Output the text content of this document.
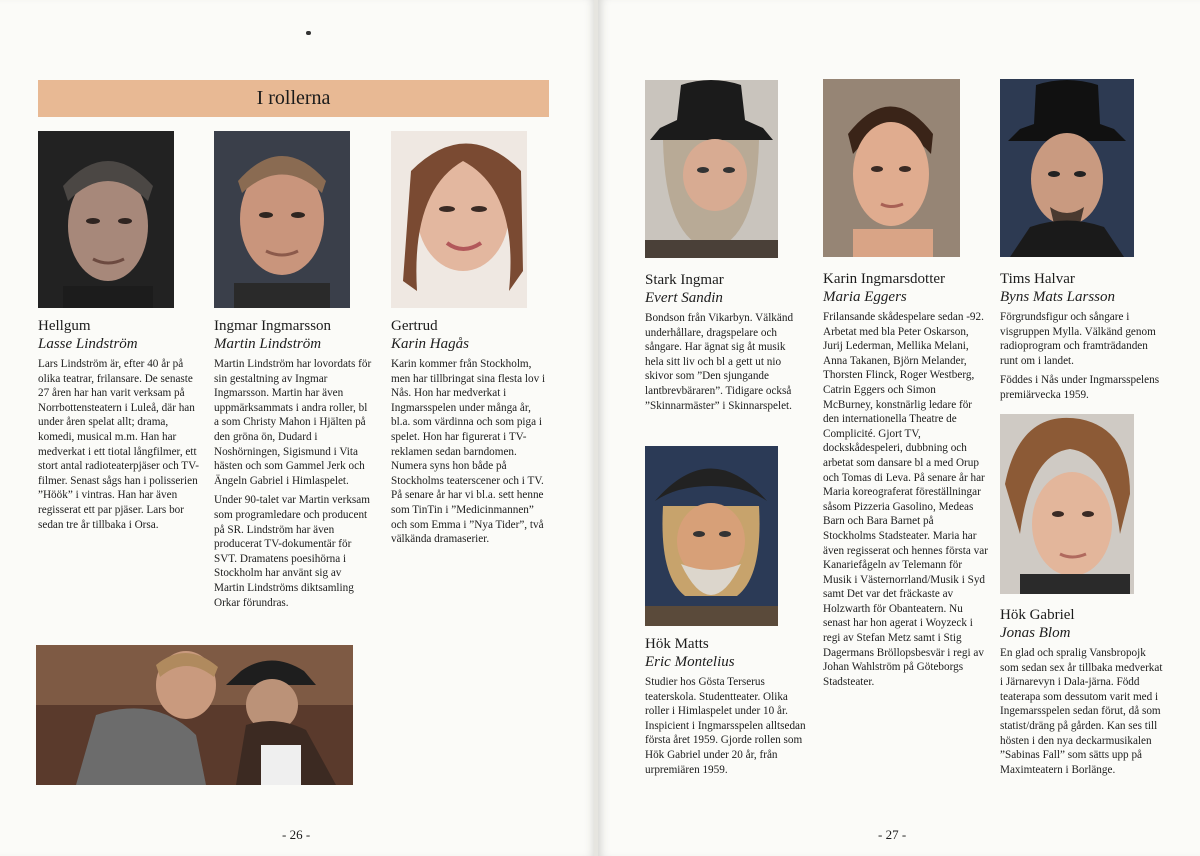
I rollerna
Hellgum
Lasse Lindström

Lars Lindström är, efter 40 år på olika teatrar, frilansare. De senaste 27 åren har han varit verksam på Norrbottensteatern i Luleå, där han under åren spelat allt; drama, komedi, musical m.m. Han har medverkat i ett tiotal långfilmer, ett stort antal radioteaterpjäser och TV-filmer. Senast sågs han i polisserien ”Höök” i vintras. Han har även regisserat ett par pjäser. Lars bor sedan tre år tillbaka i Orsa.

Ingmar Ingmarsson
Martin Lindström

Martin Lindström har lovordats för sin gestaltning av Ingmar Ingmarsson. Martin har även uppmärksammats i andra roller, bl a som Christy Mahon i Hjälten på den gröna ön, Dudard i Noshörningen, Sigismund i Vita hästen och som Gammel Jerk och Ängeln Gabriel i Himlaspelet.

Under 90-talet var Martin verksam som programledare och producent på SR. Lindström har även producerat TV-dokumentär för SVT. Dramatens poesihörna i Stockholm har använt sig av Martin Lindströms diktsamling Orkar förundras.

Gertrud
Karin Hagås

Karin kommer från Stockholm, men har tillbringat sina flesta lov i Nås. Hon har medverkat i Ingmarsspelen under många år, bl.a. som värdinna och som piga i spelet. Hon har figurerat i TV-reklamen sedan barndomen. Numera syns hon både på Stockholms teaterscener och i TV. På senare år har vi bl.a. sett henne som TinTin i ”Medicinmannen” och som Emma i ”Nya Tider”, två välkända dramaserier.

- 26 -
Stark Ingmar
Evert Sandin

Bondson från Vikarbyn. Välkänd underhållare, dragspelare och sångare. Har ägnat sig åt musik hela sitt liv och bl a gett ut nio skivor som ”Den sjungande lantbrevbäraren”. Tidigare också ”Skinnarmäster” i Skinnarspelet.

Karin Ingmarsdotter
Maria Eggers

Frilansande skådespelare sedan -92. Arbetat med bla Peter Oskarson, Jurij Lederman, Mellika Melani, Anna Takanen, Björn Melander, Thorsten Flinck, Roger Westberg, Catrin Eggers och Simon McBurney, konstnärlig ledare för den internationella Theatre de Complicité. Gjort TV, dockskådespeleri, dubbning och arbetat som dansare bl a med Orup och Tomas di Leva. På senare år har Maria koreograferat föreställningar såsom Pizzeria Gasolino, Medeas Barn och Bara Barnet på Stockholms Stadsteater. Maria har även regisserat och hennes första var Kanariefågeln av Telemann för Musik i Västernorrland/Musik i Syd samt Det var det fräckaste av Holzwarth för Obanteatern. Nu senast har hon agerat i Woyzeck i regi av Stefan Metz samt i Stig Dagermans Bröllopsbesvär i regi av Johan Wahlström på Göteborgs Stadsteater.

Tims Halvar
Byns Mats Larsson

Förgrundsfigur och sångare i visgruppen Mylla. Välkänd genom radioprogram och framträdanden runt om i landet.

Föddes i Nås under Ingmarsspelens premiärvecka 1959.

Hök Matts
Eric Montelius

Studier hos Gösta Terserus teaterskola. Studentteater. Olika roller i Himlaspelet under 10 år. Inspicient i Ingmarsspelen alltsedan första året 1959. Gjorde rollen som Hök Gabriel under 20 år, från urpremiären 1959.

Hök Gabriel
Jonas Blom

En glad och spralig Vansbropojk som sedan sex år tillbaka medverkat i Järnarevyn i Dala-järna. Född teaterapa som dessutom varit med i Ingemarsspelen sedan förut, då som statist/dräng på gården. Kan ses till hösten i den nya deckarmusikalen ”Sabinas Fall” som sätts upp på Maximteatern i Borlänge.

- 27 -
